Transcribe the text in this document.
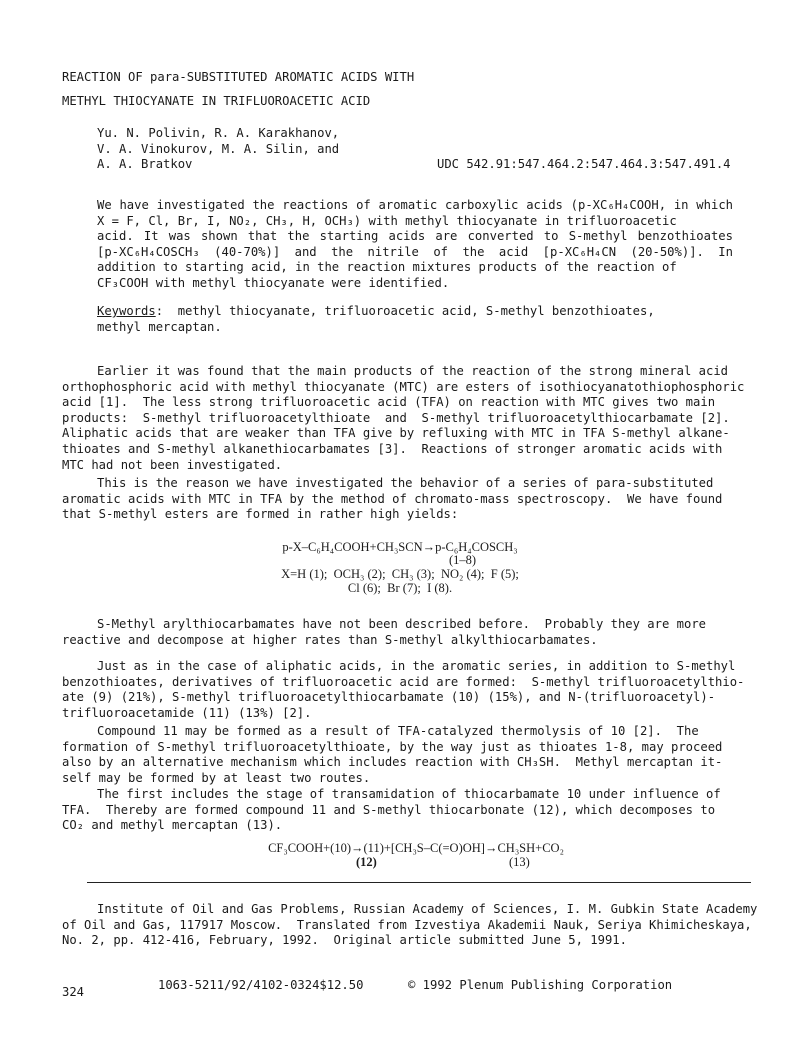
REACTION OF para-SUBSTITUTED AROMATIC ACIDS WITH
METHYL THIOCYANATE IN TRIFLUOROACETIC ACID
Yu. N. Polivin, R. A. Karakhanov,
V. A. Vinokurov, M. A. Silin, and
A. A. Bratkov	UDC 542.91:547.464.2:547.464.3:547.491.4
We have investigated the reactions of aromatic carboxylic acids (p-XC₆H₄COOH, in which
X = F, Cl, Br, I, NO₂, CH₃, H, OCH₃) with methyl thiocyanate in trifluoroacetic
acid. It was shown that the starting acids are converted to S-methyl benzothioates
[p-XC₆H₄COSCH₃ (40-70%)] and the nitrile of the acid [p-XC₆H₄CN (20-50%)]. In
addition to starting acid, in the reaction mixtures products of the reaction of
CF₃COOH with methyl thiocyanate were identified.
Keywords:  methyl thiocyanate, trifluoroacetic acid, S-methyl benzothioates,
methyl mercaptan.
Earlier it was found that the main products of the reaction of the strong mineral acid
orthophosphoric acid with methyl thiocyanate (MTC) are esters of isothiocyanatothiophosphoric
acid [1].  The less strong trifluoroacetic acid (TFA) on reaction with MTC gives two main
products:  S-methyl trifluoroacetylthioate  and  S-methyl trifluoroacetylthiocarbamate [2].
Aliphatic acids that are weaker than TFA give by refluxing with MTC in TFA S-methyl alkane-
thioates and S-methyl alkanethiocarbamates [3].  Reactions of stronger aromatic acids with
MTC had not been investigated.
This is the reason we have investigated the behavior of a series of para-substituted
aromatic acids with MTC in TFA by the method of chromato-mass spectroscopy.  We have found
that S-methyl esters are formed in rather high yields:
p-X–C₆H₄COOH+CH₃SCN→p-C₆H₄COSCH₃
(1–8)
X=H (1);  OCH₃ (2);  CH₃ (3);  NO₂ (4);  F (5);
Cl (6);  Br (7);  I (8).
S-Methyl arylthiocarbamates have not been described before.  Probably they are more
reactive and decompose at higher rates than S-methyl alkylthiocarbamates.
Just as in the case of aliphatic acids, in the aromatic series, in addition to S-methyl
benzothioates, derivatives of trifluoroacetic acid are formed:  S-methyl trifluoroacetylthio-
ate (9) (21%), S-methyl trifluoroacetylthiocarbamate (10) (15%), and N-(trifluoroacetyl)-
trifluoroacetamide (11) (13%) [2].
Compound 11 may be formed as a result of TFA-catalyzed thermolysis of 10 [2].  The
formation of S-methyl trifluoroacetylthioate, by the way just as thioates 1-8, may proceed
also by an alternative mechanism which includes reaction with CH₃SH.  Methyl mercaptan it-
self may be formed by at least two routes.
The first includes the stage of transamidation of thiocarbamate 10 under influence of
TFA.  Thereby are formed compound 11 and S-methyl thiocarbonate (12), which decomposes to
CO₂ and methyl mercaptan (13).
CF₃COOH+(10)→(11)+[CH₃S–C(=O)OH]→CH₃SH+CO₂
(12)	(13)
Institute of Oil and Gas Problems, Russian Academy of Sciences, I. M. Gubkin State Academy
of Oil and Gas, 117917 Moscow.  Translated from Izvestiya Akademii Nauk, Seriya Khimicheskaya,
No. 2, pp. 412-416, February, 1992.  Original article submitted June 5, 1991.
324	1063-5211/92/4102-0324$12.50	© 1992 Plenum Publishing Corporation
